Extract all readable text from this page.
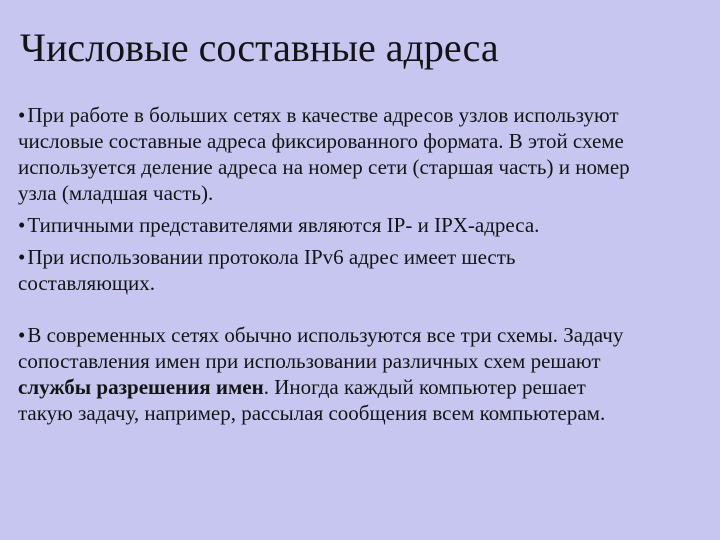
Числовые составные адреса
•При работе в больших сетях в качестве адресов узлов используют
числовые составные адреса фиксированного формата. В этой схеме
используется деление адреса на номер сети (старшая часть) и номер
узла (младшая часть).
•Типичными представителями являются IP- и IPX-адреса.
•При использовании протокола IPv6 адрес имеет шесть
составляющих.
•В современных сетях обычно используются все три схемы. Задачу
сопоставления имен при использовании различных схем решают
службы разрешения имен. Иногда каждый компьютер решает
такую задачу, например, рассылая сообщения всем компьютерам.
